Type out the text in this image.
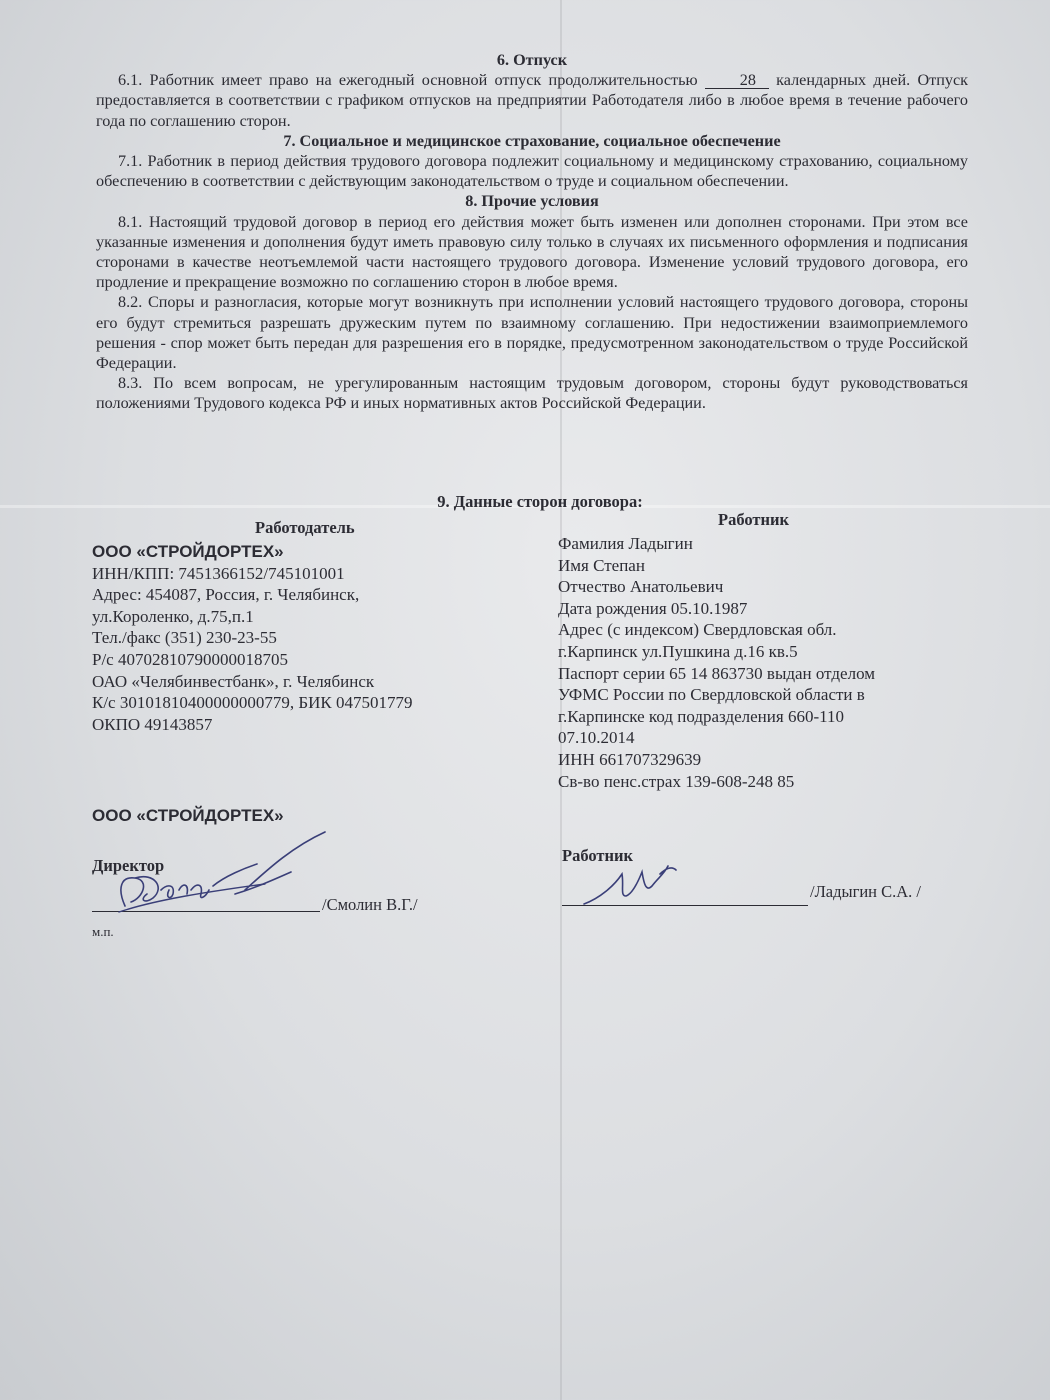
6. Отпуск

6.1. Работник имеет право на ежегодный основной отпуск продолжительностью	28 календарных дней. Отпуск предоставляется в соответствии с графиком отпусков на предприятии Работодателя либо в любое время в течение рабочего года по соглашению сторон.

7. Социальное и медицинское страхование, социальное обеспечение

7.1. Работник в период действия трудового договора подлежит социальному и медицинскому страхованию, социальному обеспечению в соответствии с действующим законодательством о труде и социальном обеспечении.

8. Прочие условия

8.1. Настоящий трудовой договор в период его действия может быть изменен или дополнен сторонами. При этом все указанные изменения и дополнения будут иметь правовую силу только в случаях их письменного оформления и подписания сторонами в качестве неотъемлемой части настоящего трудового договора. Изменение условий трудового договора, его продление и прекращение возможно по соглашению сторон в любое время.

8.2. Споры и разногласия, которые могут возникнуть при исполнении условий настоящего трудового договора, стороны его будут стремиться разрешать дружеским путем по взаимному соглашению. При недостижении взаимоприемлемого решения - спор может быть передан для разрешения его в порядке, предусмотренном законодательством о труде Российской Федерации.

8.3. По всем вопросам, не урегулированным настоящим трудовым договором, стороны будут руководствоваться положениями Трудового кодекса РФ и иных нормативных актов Российской Федерации.

9. Данные сторон договора:
Работодатель	Работник
ООО «СТРОЙДОРТЕХ»
ИНН/КПП: 7451366152/745101001
Адрес: 454087, Россия, г. Челябинск,
ул.Короленко, д.75,п.1
Тел./факс (351) 230-23-55
Р/с 40702810790000018705
ОАО «Челябинвестбанк», г. Челябинск
К/с 30101810400000000779, БИК 047501779
ОКПО 49143857
Фамилия Ладыгин
Имя Степан
Отчество Анатольевич
Дата рождения 05.10.1987
Адрес (с индексом) Свердловская обл.
г.Карпинск ул.Пушкина д.16 кв.5
Паспорт серии 65 14 863730 выдан отделом
УФМС России по Свердловской области в
г.Карпинске код подразделения 660-110
07.10.2014
ИНН 661707329639
Св-во пенс.страх 139-608-248 85
ООО «СТРОЙДОРТЕХ»
Директор
Работник
/Смолин В.Г./
м.п.
/Ладыгин С.А. /
